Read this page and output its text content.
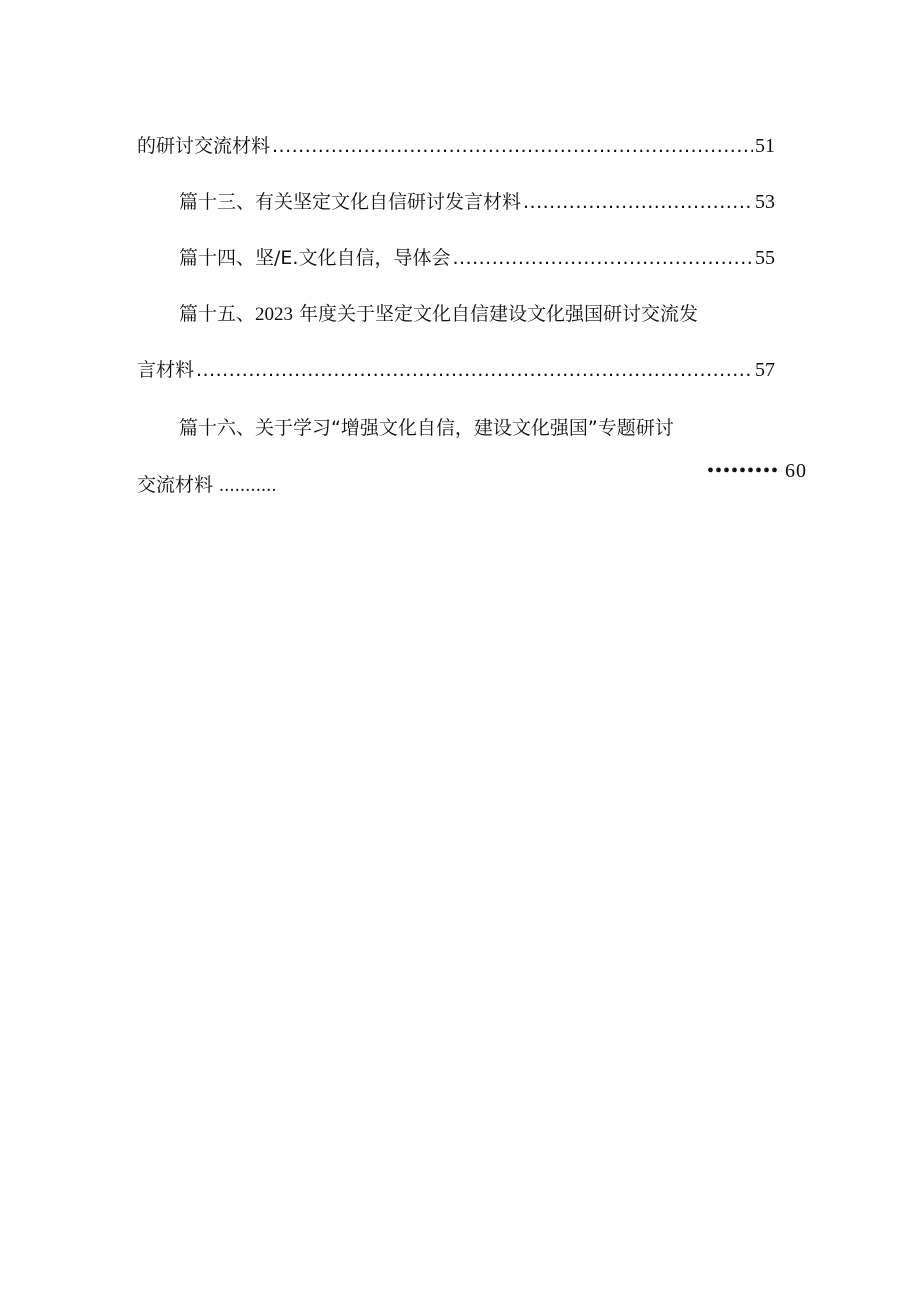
的研讨交流材料 .....	51
篇十三、有关坚定文化自信研讨发言材料 .....	53
篇十四、坚/E.文化自信，导体会 .....	55
篇十五、2023 年度关于坚定文化自信建设文化强国研讨交流发
言材料 .....	57
篇十六、关于学习“增强文化自信，建设文化强国”专题研讨
交流材料 ...........
••••••••• 60
